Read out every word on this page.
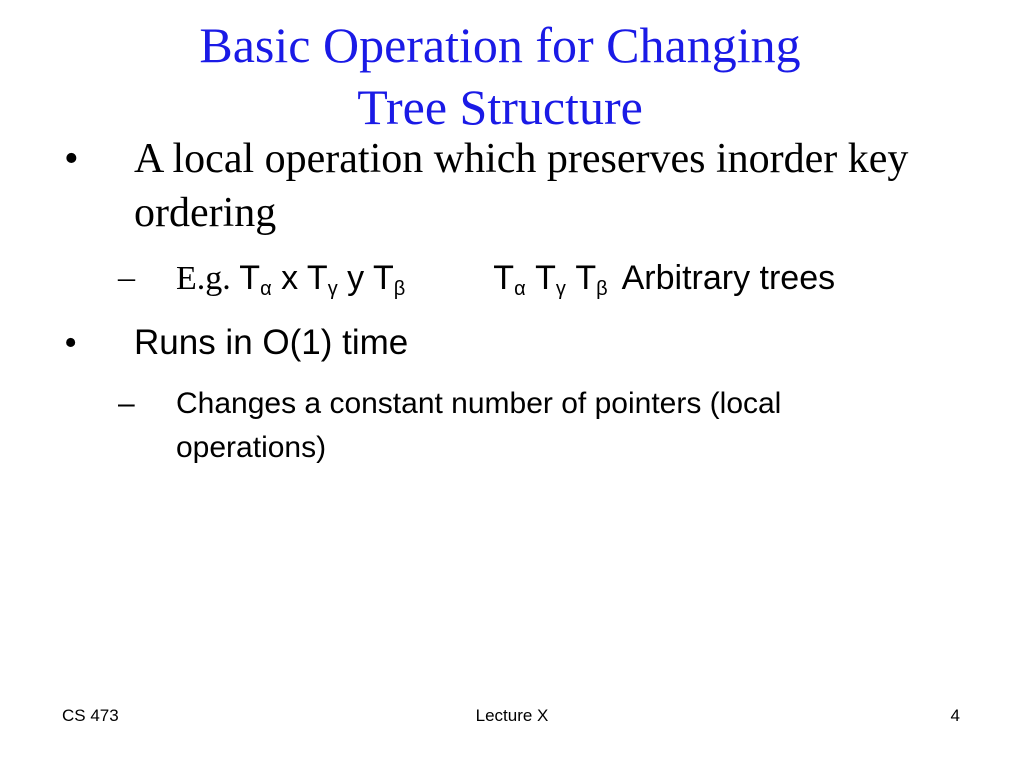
Basic Operation for Changing
Tree Structure
• A local operation which preserves inorder key ordering
– E.g. $T_\alpha$ x $T_\gamma$ y $T_\beta$	$T_\alpha$ $T_\gamma$ $T_\beta$ Arbitrary trees
• Runs in O(1) time
– Changes a constant number of pointers (local operations)
CS 473	Lecture X	4
